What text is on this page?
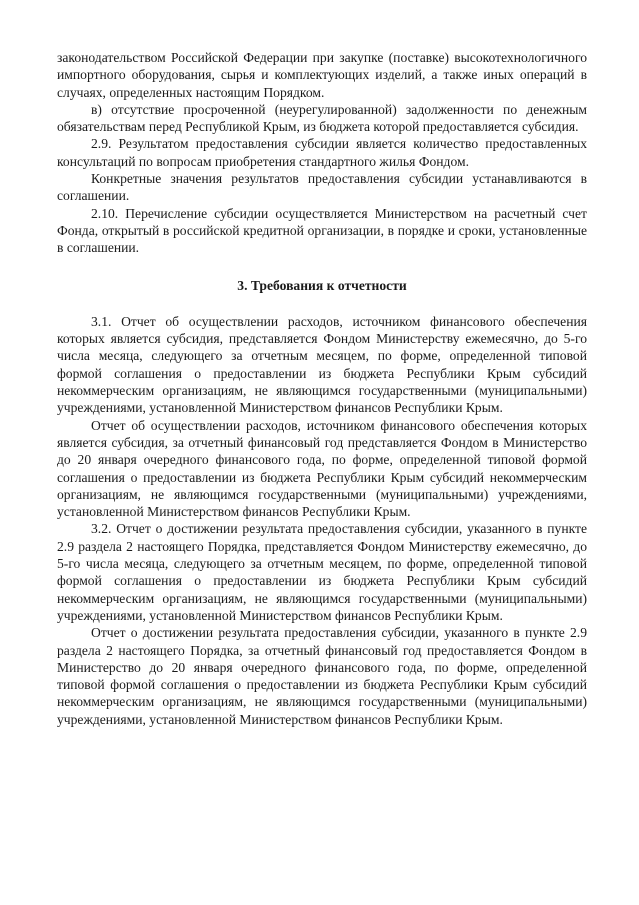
законодательством Российской Федерации при закупке (поставке) высокотехнологичного импортного оборудования, сырья и комплектующих изделий, а также иных операций в случаях, определенных настоящим Порядком.

в) отсутствие просроченной (неурегулированной) задолженности по денежным обязательствам перед Республикой Крым, из бюджета которой предоставляется субсидия.

2.9. Результатом предоставления субсидии является количество предоставленных консультаций по вопросам приобретения стандартного жилья Фондом.

Конкретные значения результатов предоставления субсидии устанавливаются в соглашении.

2.10. Перечисление субсидии осуществляется Министерством на расчетный счет Фонда, открытый в российской кредитной организации, в порядке и сроки, установленные в соглашении.

3. Требования к отчетности

3.1. Отчет об осуществлении расходов, источником финансового обеспечения которых является субсидия, представляется Фондом Министерству ежемесячно, до 5-го числа месяца, следующего за отчетным месяцем, по форме, определенной типовой формой соглашения о предоставлении из бюджета Республики Крым субсидий некоммерческим организациям, не являющимся государственными (муниципальными) учреждениями, установленной Министерством финансов Республики Крым.

Отчет об осуществлении расходов, источником финансового обеспечения которых является субсидия, за отчетный финансовый год представляется Фондом в Министерство до 20 января очередного финансового года, по форме, определенной типовой формой соглашения о предоставлении из бюджета Республики Крым субсидий некоммерческим организациям, не являющимся государственными (муниципальными) учреждениями, установленной Министерством финансов Республики Крым.

3.2. Отчет о достижении результата предоставления субсидии, указанного в пункте 2.9 раздела 2 настоящего Порядка, представляется Фондом Министерству ежемесячно, до 5-го числа месяца, следующего за отчетным месяцем, по форме, определенной типовой формой соглашения о предоставлении из бюджета Республики Крым субсидий некоммерческим организациям, не являющимся государственными (муниципальными) учреждениями, установленной Министерством финансов Республики Крым.

Отчет о достижении результата предоставления субсидии, указанного в пункте 2.9 раздела 2 настоящего Порядка, за отчетный финансовый год предоставляется Фондом в Министерство до 20 января очередного финансового года, по форме, определенной типовой формой соглашения о предоставлении из бюджета Республики Крым субсидий некоммерческим организациям, не являющимся государственными (муниципальными) учреждениями, установленной Министерством финансов Республики Крым.
